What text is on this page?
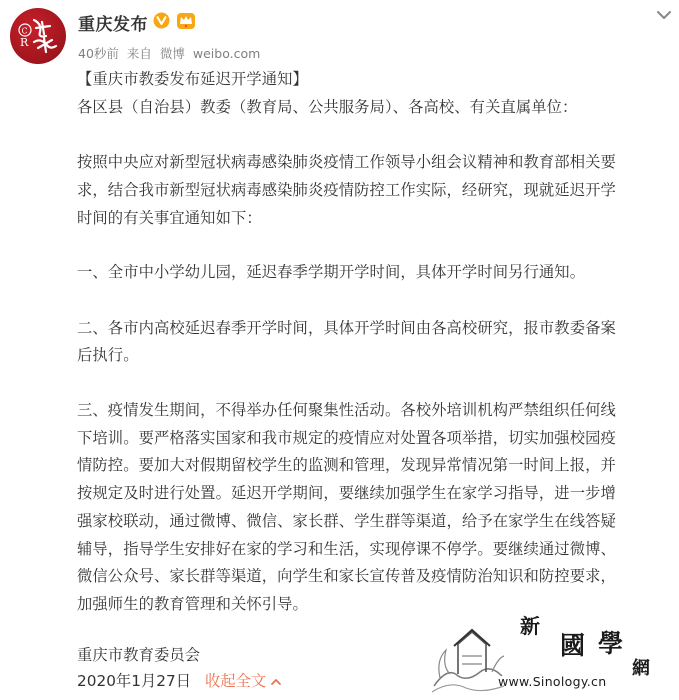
C
R
重庆发布
40秒前 来自 微博 weibo.com
【重庆市教委发布延迟开学通知】
各区县（自治县）教委（教育局、公共服务局）、各高校、有关直属单位：
按照中央应对新型冠状病毒感染肺炎疫情工作领导小组会议精神和教育部相关要
求，结合我市新型冠状病毒感染肺炎疫情防控工作实际，经研究，现就延迟开学
时间的有关事宜通知如下：
一、全市中小学幼儿园，延迟春季学期开学时间，具体开学时间另行通知。
二、各市内高校延迟春季开学时间，具体开学时间由各高校研究，报市教委备案
后执行。
三、疫情发生期间，不得举办任何聚集性活动。各校外培训机构严禁组织任何线
下培训。要严格落实国家和我市规定的疫情应对处置各项举措，切实加强校园疫
情防控。要加大对假期留校学生的监测和管理，发现异常情况第一时间上报，并
按规定及时进行处置。延迟开学期间，要继续加强学生在家学习指导，进一步增
强家校联动，通过微博、微信、家长群、学生群等渠道，给予在家学生在线答疑
辅导，指导学生安排好在家的学习和生活，实现停课不停学。要继续通过微博、
微信公众号、家长群等渠道，向学生和家长宣传普及疫情防治知识和防控要求，
加强师生的教育管理和关怀引导。
重庆市教育委员会
2020年1月27日 收起全文
新
國 學
網
www.Sinology.cn
